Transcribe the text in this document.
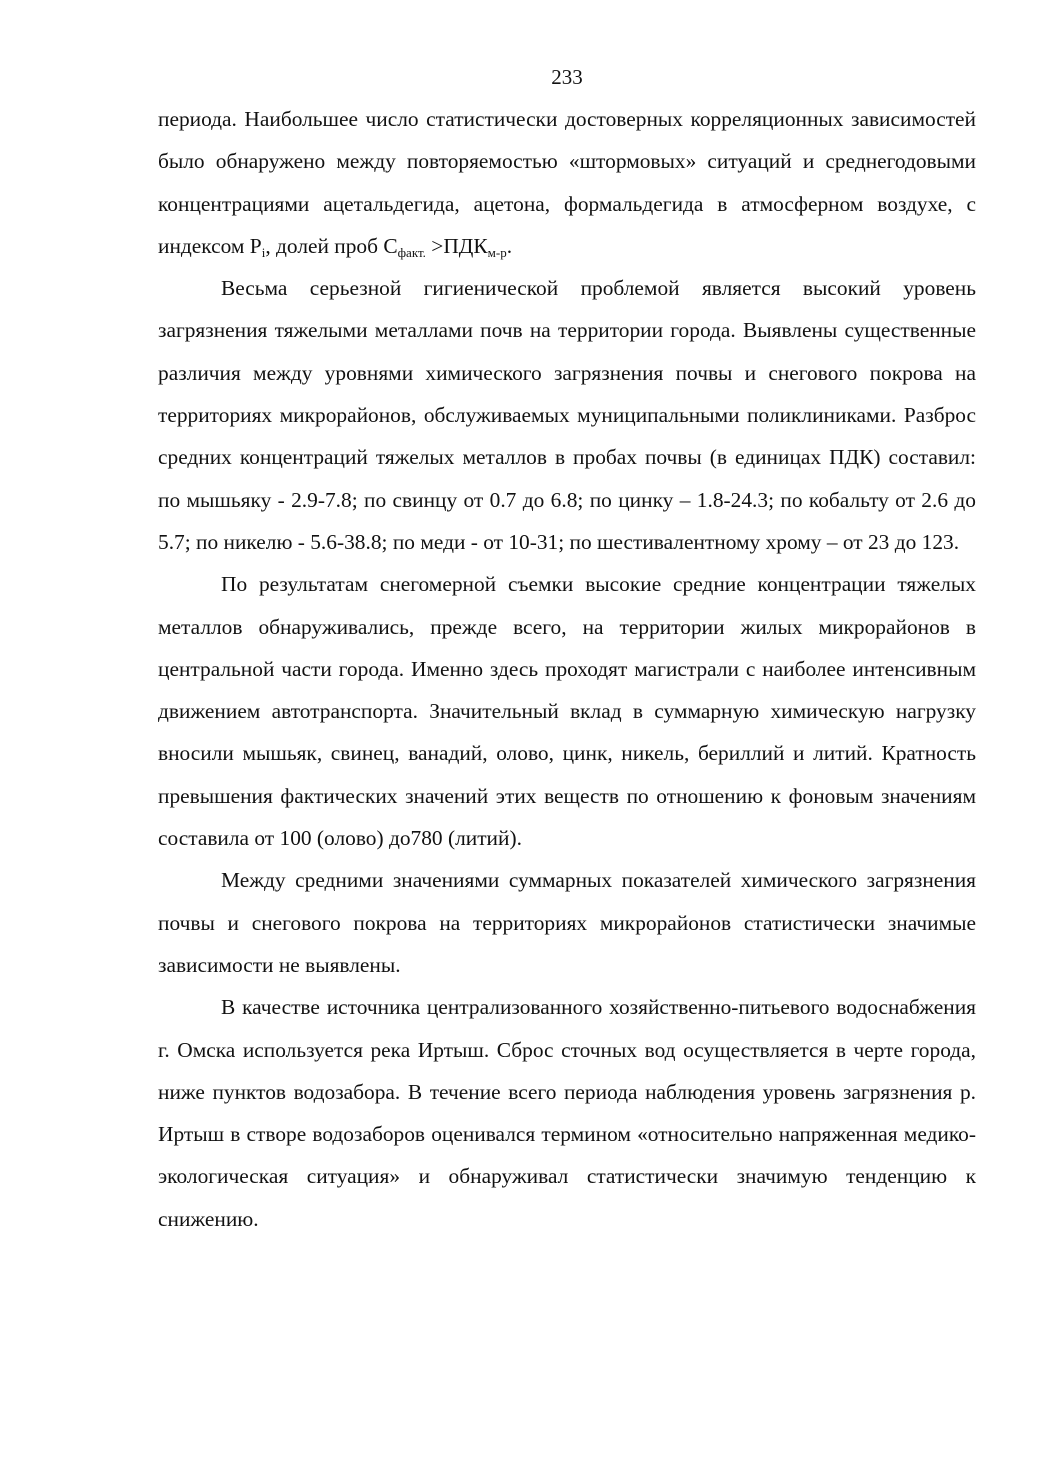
233

периода. Наибольшее число статистически достоверных корреляционных зависимостей было обнаружено между повторяемостью «штормовых» ситуаций и среднегодовыми концентрациями ацетальдегида, ацетона, формальдегида в атмосферном воздухе, с индексом $P_i$, долей проб $С_{факт.} >ПДК_{м-р}$.

Весьма серьезной гигиенической проблемой является высокий уровень загрязнения тяжелыми металлами почв на территории города. Выявлены существенные различия между уровнями химического загрязнения почвы и снегового покрова на территориях микрорайонов, обслуживаемых муниципальными поликлиниками. Разброс средних концентраций тяжелых металлов в пробах почвы (в единицах ПДК) составил: по мышьяку - 2.9-7.8; по свинцу от 0.7 до 6.8; по цинку – 1.8-24.3; по кобальту от 2.6 до 5.7; по никелю - 5.6-38.8; по меди - от 10-31; по шестивалентному хрому – от 23 до 123.

По результатам снегомерной съемки высокие средние концентрации тяжелых металлов обнаруживались, прежде всего, на территории жилых микрорайонов в центральной части города. Именно здесь проходят магистрали с наиболее интенсивным движением автотранспорта. Значительный вклад в суммарную химическую нагрузку вносили мышьяк, свинец, ванадий, олово, цинк, никель, бериллий и литий. Кратность превышения фактических значений этих веществ по отношению к фоновым значениям составила от 100 (олово) до780 (литий).

Между средними значениями суммарных показателей химического загрязнения почвы и снегового покрова на территориях микрорайонов статистически значимые зависимости не выявлены.

В качестве источника централизованного хозяйственно-питьевого водоснабжения г. Омска используется река Иртыш. Сброс сточных вод осуществляется в черте города, ниже пунктов водозабора. В течение всего периода наблюдения уровень загрязнения р. Иртыш в створе водозаборов оценивался термином «относительно напряженная медико-экологическая ситуация» и обнаруживал статистически значимую тенденцию к снижению.
